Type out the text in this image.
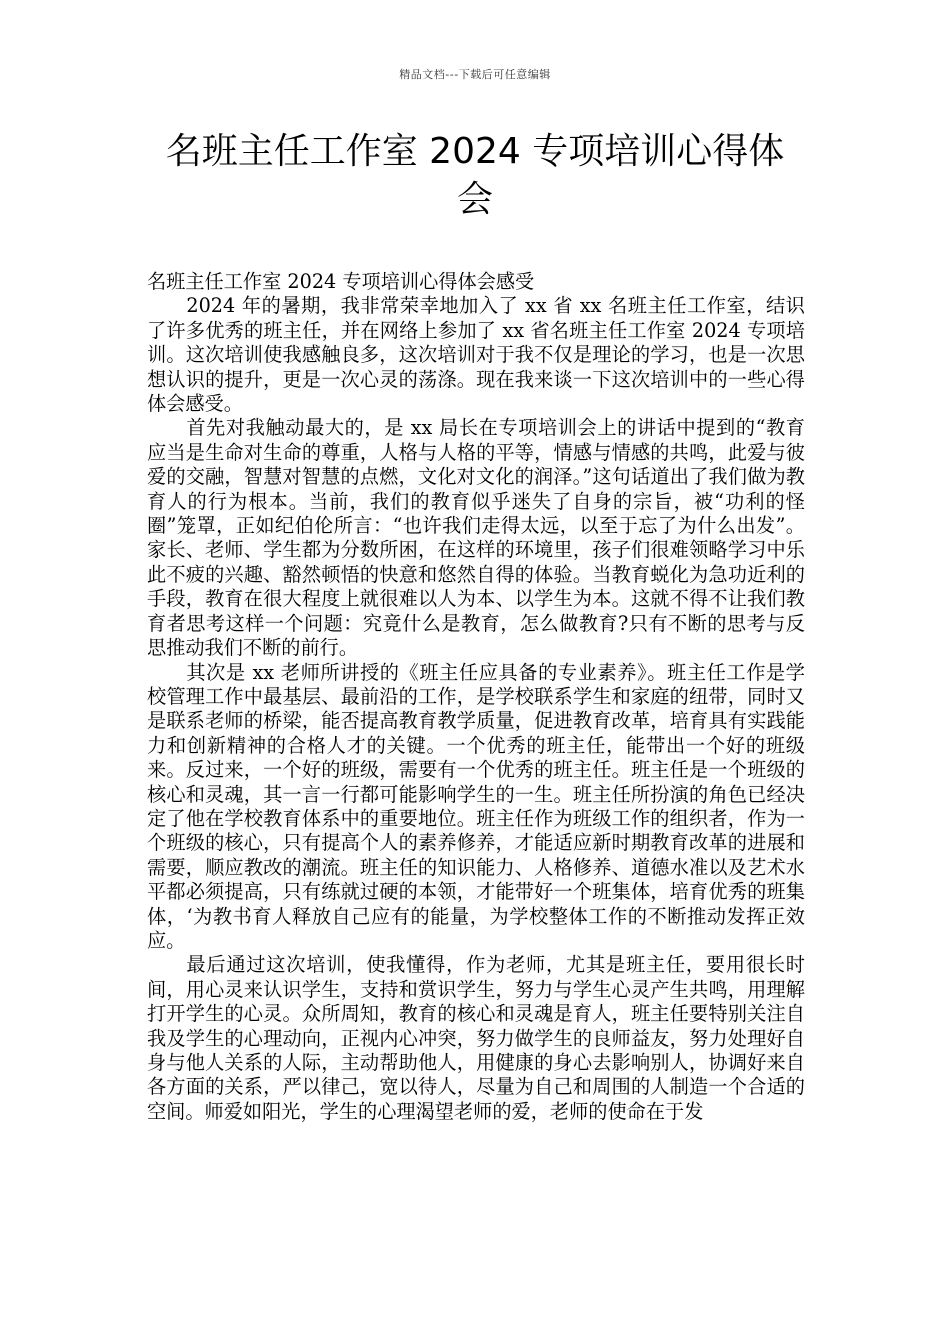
精品文档---下载后可任意编辑
名班主任工作室 2024 专项培训心得体会

名班主任工作室 2024 专项培训心得体会感受

2024 年的暑期，我非常荣幸地加入了 xx 省 xx 名班主任工作室，结识了许多优秀的班主任，并在网络上参加了 xx 省名班主任工作室 2024 专项培训。这次培训使我感触良多，这次培训对于我不仅是理论的学习，也是一次思想认识的提升，更是一次心灵的荡涤。现在我来谈一下这次培训中的一些心得体会感受。

首先对我触动最大的，是 xx 局长在专项培训会上的讲话中提到的“教育应当是生命对生命的尊重，人格与人格的平等，情感与情感的共鸣，此爱与彼爱的交融，智慧对智慧的点燃，文化对文化的润泽。”这句话道出了我们做为教育人的行为根本。当前，我们的教育似乎迷失了自身的宗旨，被“功利的怪圈”笼罩，正如纪伯伦所言：“也许我们走得太远，以至于忘了为什么出发”。家长、老师、学生都为分数所困，在这样的环境里，孩子们很难领略学习中乐此不疲的兴趣、豁然顿悟的快意和悠然自得的体验。当教育蜕化为急功近利的手段，教育在很大程度上就很难以人为本、以学生为本。这就不得不让我们教育者思考这样一个问题：究竟什么是教育，怎么做教育?只有不断的思考与反思推动我们不断的前行。

其次是 xx 老师所讲授的《班主任应具备的专业素养》。班主任工作是学校管理工作中最基层、最前沿的工作，是学校联系学生和家庭的纽带，同时又是联系老师的桥梁，能否提高教育教学质量，促进教育改革，培育具有实践能力和创新精神的合格人才的关键。一个优秀的班主任，能带出一个好的班级来。反过来，一个好的班级，需要有一个优秀的班主任。班主任是一个班级的核心和灵魂，其一言一行都可能影响学生的一生。班主任所扮演的角色已经决定了他在学校教育体系中的重要地位。班主任作为班级工作的组织者，作为一个班级的核心，只有提高个人的素养修养，才能适应新时期教育改革的进展和需要，顺应教改的潮流。班主任的知识能力、人格修养、道德水准以及艺术水平都必须提高，只有练就过硬的本领，才能带好一个班集体，培育优秀的班集体，‘为教书育人释放自己应有的能量，为学校整体工作的不断推动发挥正效应。

最后通过这次培训，使我懂得，作为老师，尤其是班主任，要用很长时间，用心灵来认识学生，支持和赏识学生，努力与学生心灵产生共鸣，用理解打开学生的心灵。众所周知，教育的核心和灵魂是育人，班主任要特别关注自我及学生的心理动向，正视内心冲突，努力做学生的良师益友，努力处理好自身与他人关系的人际，主动帮助他人，用健康的身心去影响别人，协调好来自各方面的关系，严以律己，宽以待人，尽量为自己和周围的人制造一个合适的空间。师爱如阳光，学生的心理渴望老师的爱，老师的使命在于发
